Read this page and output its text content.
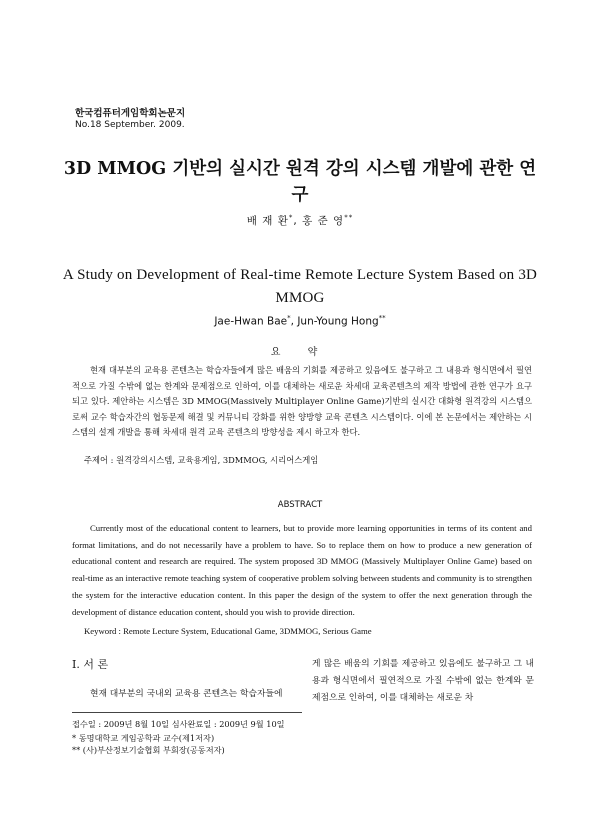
한국컴퓨터게임학회논문지
No.18 September. 2009.
3D MMOG 기반의 실시간 원격 강의 시스템 개발에 관한 연구
배 재 환*, 홍 준 영**
A Study on Development of Real-time Remote Lecture System Based on 3D MMOG
Jae-Hwan Bae*, Jun-Young Hong**
요 약
현재 대부분의 교육용 콘텐츠는 학습자들에게 많은 배움의 기회를 제공하고 있음에도 불구하고 그 내용과 형식면에서 필연적으로 가질 수밖에 없는 한계와 문제점으로 인하여, 이를 대체하는 새로운 차세대 교육콘텐츠의 제작 방법에 관한 연구가 요구되고 있다. 제안하는 시스템은 3D MMOG(Massively Multiplayer Online Game)기반의 실시간 대화형 원격강의 시스템으로써 교수 학습자간의 협동문제 해결 및 커뮤니티 강화를 위한 양방향 교육 콘텐츠 시스템이다. 이에 본 논문에서는 제안하는 시스템의 설계 개발을 통해 차세대 원격 교육 콘텐츠의 방향성을 제시 하고자 한다.
주제어 : 원격강의시스템, 교육용게임, 3DMMOG, 시리어스게임
ABSTRACT
Currently most of the educational content to learners, but to provide more learning opportunities in terms of its content and format limitations, and do not necessarily have a problem to have. So to replace them on how to produce a new generation of educational content and research are required. The system proposed 3D MMOG (Massively Multiplayer Online Game) based on real-time as an interactive remote teaching system of cooperative problem solving between students and community is to strengthen the system for the interactive education content. In this paper the design of the system to offer the next generation through the development of distance education content, should you wish to provide direction.
Keyword : Remote Lecture System, Educational Game, 3DMMOG, Serious Game
Ⅰ. 서 론
현재 대부분의 국내외 교육용 콘텐츠는 학습자들에
게 많은 배움의 기회를 제공하고 있음에도 불구하고 그 내용과 형식면에서 필연적으로 가질 수밖에 없는 한계와 문제점으로 인하여, 이를 대체하는 새로운 차
접수일 : 2009년 8월 10일 심사완료일 : 2009년 9월 10일
* 동명대학교 게임공학과 교수(제1저자)
** (사)부산정보기술협회 부회장(공동저자)
